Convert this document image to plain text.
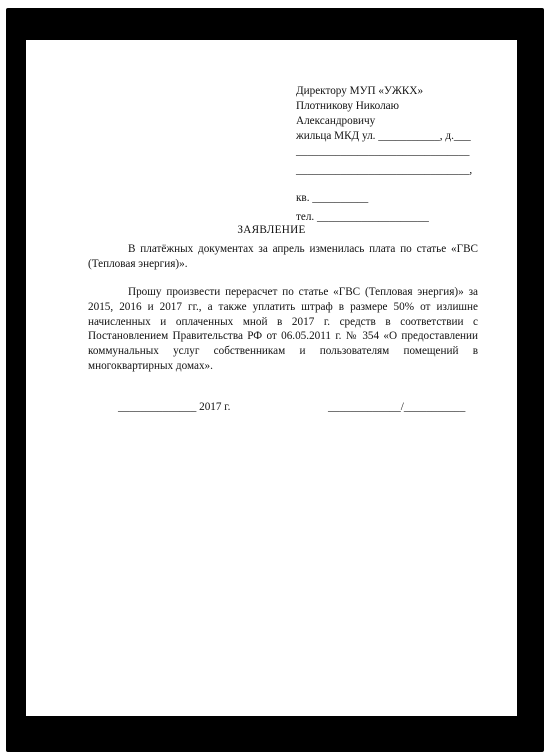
Директору МУП «УЖКХ»
Плотникову Николаю
Александровичу
жильца МКД ул. ___________, д.___
_______________________________
_______________________________,
кв. __________
тел. ____________________
ЗАЯВЛЕНИЕ

В платёжных документах за апрель изменилась плата по статье «ГВС (Тепловая энергия)».

Прошу произвести перерасчет по статье «ГВС (Тепловая энергия)» за 2015, 2016 и 2017 гг., а также уплатить штраф в размере 50% от излишне начисленных и оплаченных мной в 2017 г. средств в соответствии с Постановлением Правительства РФ от 06.05.2011 г. № 354 «О предоставлении коммунальных услуг собственникам и пользователям помещений в многоквартирных домах».

______________ 2017 г.	_____________/___________
